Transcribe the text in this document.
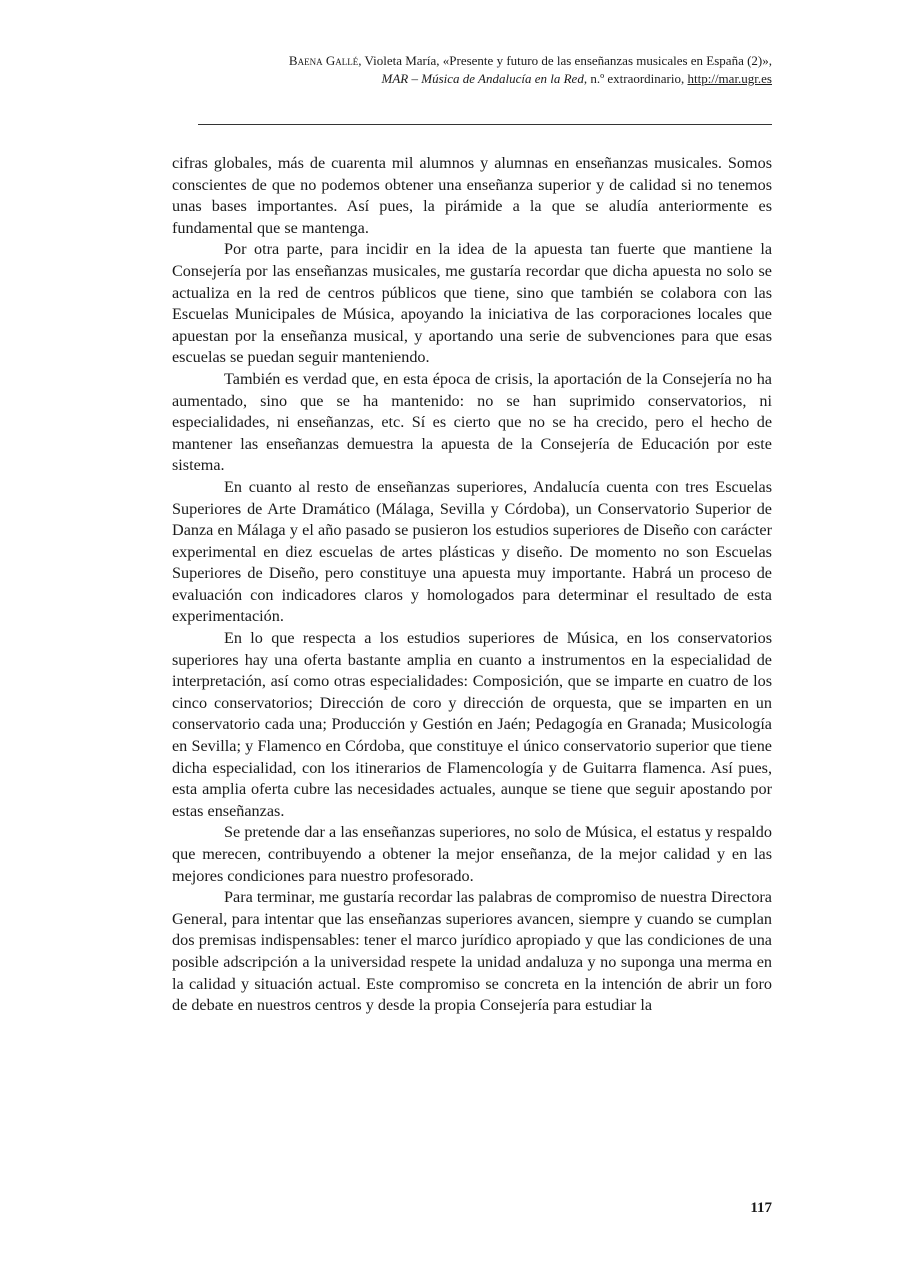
Baena Gallé, Violeta María, «Presente y futuro de las enseñanzas musicales en España (2)»,
MAR – Música de Andalucía en la Red, n.º extraordinario, http://mar.ugr.es

cifras globales, más de cuarenta mil alumnos y alumnas en enseñanzas musicales. Somos conscientes de que no podemos obtener una enseñanza superior y de calidad si no tenemos unas bases importantes. Así pues, la pirámide a la que se aludía anteriormente es fundamental que se mantenga.

Por otra parte, para incidir en la idea de la apuesta tan fuerte que mantiene la Consejería por las enseñanzas musicales, me gustaría recordar que dicha apuesta no solo se actualiza en la red de centros públicos que tiene, sino que también se colabora con las Escuelas Municipales de Música, apoyando la iniciativa de las corporaciones locales que apuestan por la enseñanza musical, y aportando una serie de subvenciones para que esas escuelas se puedan seguir manteniendo.

También es verdad que, en esta época de crisis, la aportación de la Consejería no ha aumentado, sino que se ha mantenido: no se han suprimido conservatorios, ni especialidades, ni enseñanzas, etc. Sí es cierto que no se ha crecido, pero el hecho de mantener las enseñanzas demuestra la apuesta de la Consejería de Educación por este sistema.

En cuanto al resto de enseñanzas superiores, Andalucía cuenta con tres Escuelas Superiores de Arte Dramático (Málaga, Sevilla y Córdoba), un Conservatorio Superior de Danza en Málaga y el año pasado se pusieron los estudios superiores de Diseño con carácter experimental en diez escuelas de artes plásticas y diseño. De momento no son Escuelas Superiores de Diseño, pero constituye una apuesta muy importante. Habrá un proceso de evaluación con indicadores claros y homologados para determinar el resultado de esta experimentación.

En lo que respecta a los estudios superiores de Música, en los conservatorios superiores hay una oferta bastante amplia en cuanto a instrumentos en la especialidad de interpretación, así como otras especialidades: Composición, que se imparte en cuatro de los cinco conservatorios; Dirección de coro y dirección de orquesta, que se imparten en un conservatorio cada una; Producción y Gestión en Jaén; Pedagogía en Granada; Musicología en Sevilla; y Flamenco en Córdoba, que constituye el único conservatorio superior que tiene dicha especialidad, con los itinerarios de Flamencología y de Guitarra flamenca. Así pues, esta amplia oferta cubre las necesidades actuales, aunque se tiene que seguir apostando por estas enseñanzas.

Se pretende dar a las enseñanzas superiores, no solo de Música, el estatus y respaldo que merecen, contribuyendo a obtener la mejor enseñanza, de la mejor calidad y en las mejores condiciones para nuestro profesorado.

Para terminar, me gustaría recordar las palabras de compromiso de nuestra Directora General, para intentar que las enseñanzas superiores avancen, siempre y cuando se cumplan dos premisas indispensables: tener el marco jurídico apropiado y que las condiciones de una posible adscripción a la universidad respete la unidad andaluza y no suponga una merma en la calidad y situación actual. Este compromiso se concreta en la intención de abrir un foro de debate en nuestros centros y desde la propia Consejería para estudiar la

117
